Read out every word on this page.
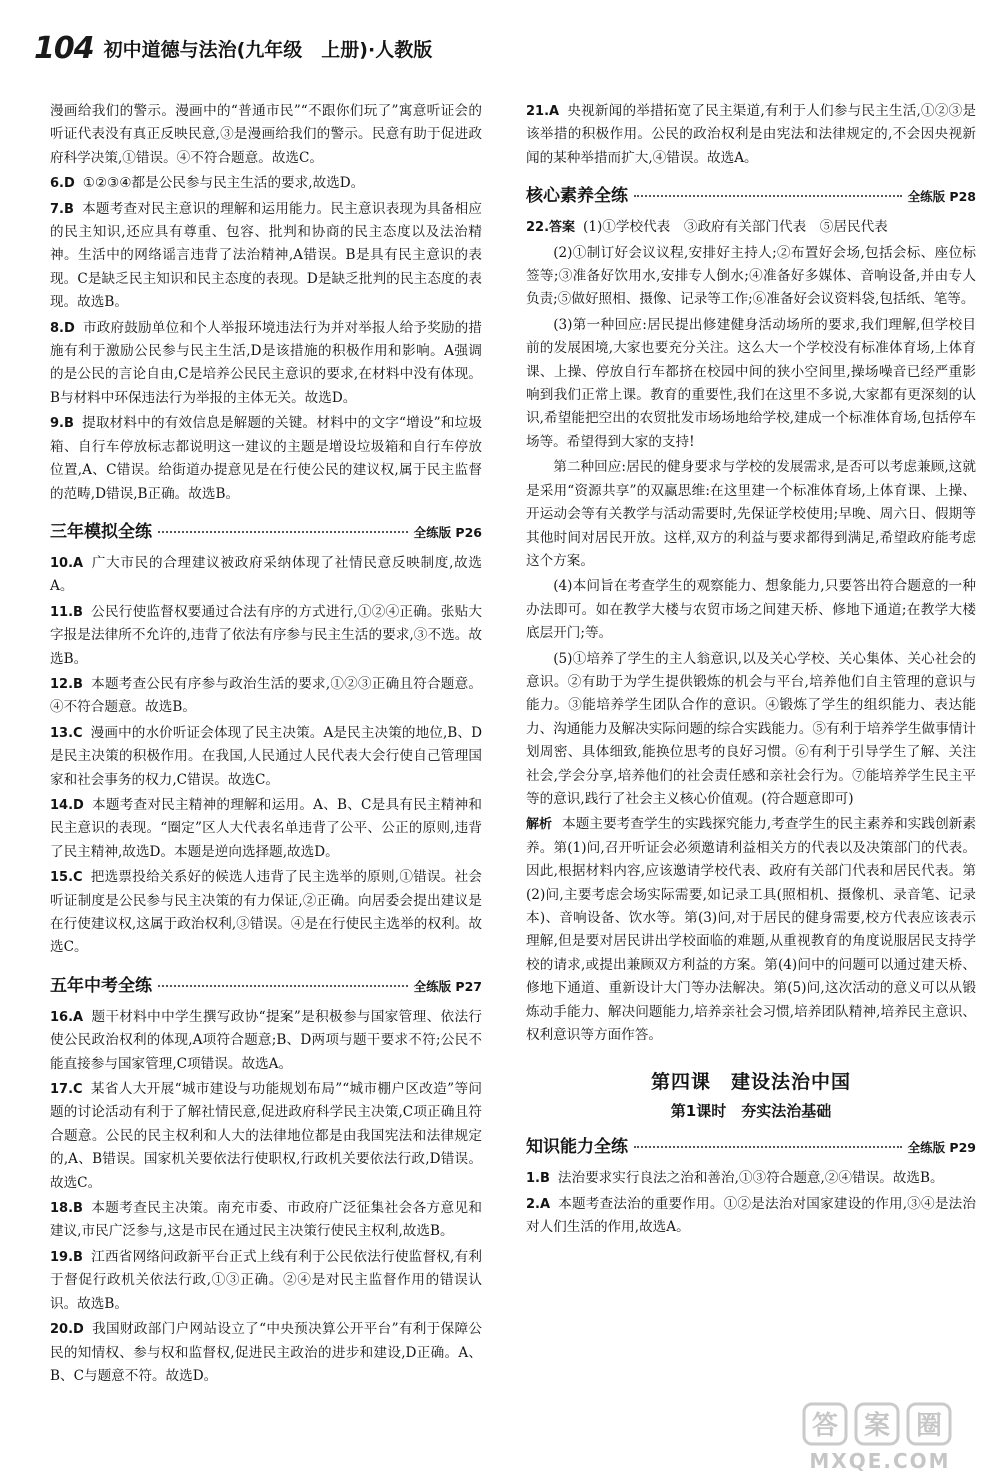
104 初中道德与法治(九年级　上册)·人教版

漫画给我们的警示。漫画中的“普通市民”“不跟你们玩了”寓意听证会的听证代表没有真正反映民意,③是漫画给我们的警示。民意有助于促进政府科学决策,①错误。④不符合题意。故选C。

6.D ①②③④都是公民参与民主生活的要求,故选D。

7.B 本题考查对民主意识的理解和运用能力。民主意识表现为具备相应的民主知识,还应具有尊重、包容、批判和协商的民主态度以及法治精神。生活中的网络谣言违背了法治精神,A错误。B是具有民主意识的表现。C是缺乏民主知识和民主态度的表现。D是缺乏批判的民主态度的表现。故选B。

8.D 市政府鼓励单位和个人举报环境违法行为并对举报人给予奖励的措施有利于激励公民参与民主生活,D是该措施的积极作用和影响。A强调的是公民的言论自由,C是培养公民民主意识的要求,在材料中没有体现。B与材料中环保违法行为举报的主体无关。故选D。

9.B 提取材料中的有效信息是解题的关键。材料中的文字“增设”和垃圾箱、自行车停放标志都说明这一建议的主题是增设垃圾箱和自行车停放位置,A、C错误。给街道办提意见是在行使公民的建议权,属于民主监督的范畴,D错误,B正确。故选B。

三年模拟全练	全练版 P26

10.A 广大市民的合理建议被政府采纳体现了社情民意反映制度,故选A。

11.B 公民行使监督权要通过合法有序的方式进行,①②④正确。张贴大字报是法律所不允许的,违背了依法有序参与民主生活的要求,③不选。故选B。

12.B 本题考查公民有序参与政治生活的要求,①②③正确且符合题意。④不符合题意。故选B。

13.C 漫画中的水价听证会体现了民主决策。A是民主决策的地位,B、D是民主决策的积极作用。在我国,人民通过人民代表大会行使自己管理国家和社会事务的权力,C错误。故选C。

14.D 本题考查对民主精神的理解和运用。A、B、C是具有民主精神和民主意识的表现。“圈定”区人大代表名单违背了公平、公正的原则,违背了民主精神,故选D。本题是逆向选择题,故选D。

15.C 把选票投给关系好的候选人违背了民主选举的原则,①错误。社会听证制度是公民参与民主决策的有力保证,②正确。向居委会提出建议是在行使建议权,这属于政治权利,③错误。④是在行使民主选举的权利。故选C。

五年中考全练	全练版 P27

16.A 题干材料中中学生撰写政协“提案”是积极参与国家管理、依法行使公民政治权利的体现,A项符合题意;B、D两项与题干要求不符;公民不能直接参与国家管理,C项错误。故选A。

17.C 某省人大开展“城市建设与功能规划布局”“城市棚户区改造”等问题的讨论活动有利于了解社情民意,促进政府科学民主决策,C项正确且符合题意。公民的民主权利和人大的法律地位都是由我国宪法和法律规定的,A、B错误。国家机关要依法行使职权,行政机关要依法行政,D错误。故选C。

18.B 本题考查民主决策。南充市委、市政府广泛征集社会各方意见和建议,市民广泛参与,这是市民在通过民主决策行使民主权利,故选B。

19.B 江西省网络问政新平台正式上线有利于公民依法行使监督权,有利于督促行政机关依法行政,①③正确。②④是对民主监督作用的错误认识。故选B。

20.D 我国财政部门户网站设立了“中央预决算公开平台”有利于保障公民的知情权、参与权和监督权,促进民主政治的进步和建设,D正确。A、B、C与题意不符。故选D。

21.A 央视新闻的举措拓宽了民主渠道,有利于人们参与民主生活,①②③是该举措的积极作用。公民的政治权利是由宪法和法律规定的,不会因央视新闻的某种举措而扩大,④错误。故选A。

核心素养全练	全练版 P28

22.答案 (1)①学校代表　③政府有关部门代表　⑤居民代表

(2)①制订好会议议程,安排好主持人;②布置好会场,包括会标、座位标签等;③准备好饮用水,安排专人倒水;④准备好多媒体、音响设备,并由专人负责;⑤做好照相、摄像、记录等工作;⑥准备好会议资料袋,包括纸、笔等。

(3)第一种回应:居民提出修建健身活动场所的要求,我们理解,但学校目前的发展困境,大家也要充分关注。这么大一个学校没有标准体育场,上体育课、上操、停放自行车都挤在校园中间的狭小空间里,操场噪音已经严重影响到我们正常上课。教育的重要性,我们在这里不多说,大家都有更深刻的认识,希望能把空出的农贸批发市场场地给学校,建成一个标准体育场,包括停车场等。希望得到大家的支持!

第二种回应:居民的健身要求与学校的发展需求,是否可以考虑兼顾,这就是采用“资源共享”的双赢思维:在这里建一个标准体育场,上体育课、上操、开运动会等有关教学与活动需要时,先保证学校使用;早晚、周六日、假期等其他时间对居民开放。这样,双方的利益与要求都得到满足,希望政府能考虑这个方案。

(4)本问旨在考查学生的观察能力、想象能力,只要答出符合题意的一种办法即可。如在教学大楼与农贸市场之间建天桥、修地下通道;在教学大楼底层开门;等。

(5)①培养了学生的主人翁意识,以及关心学校、关心集体、关心社会的意识。②有助于为学生提供锻炼的机会与平台,培养他们自主管理的意识与能力。③能培养学生团队合作的意识。④锻炼了学生的组织能力、表达能力、沟通能力及解决实际问题的综合实践能力。⑤有利于培养学生做事情计划周密、具体细致,能换位思考的良好习惯。⑥有利于引导学生了解、关注社会,学会分享,培养他们的社会责任感和亲社会行为。⑦能培养学生民主平等的意识,践行了社会主义核心价值观。(符合题意即可)

解析 本题主要考查学生的实践探究能力,考查学生的民主素养和实践创新素养。第(1)问,召开听证会必须邀请利益相关方的代表以及决策部门的代表。因此,根据材料内容,应该邀请学校代表、政府有关部门代表和居民代表。第(2)问,主要考虑会场实际需要,如记录工具(照相机、摄像机、录音笔、记录本)、音响设备、饮水等。第(3)问,对于居民的健身需要,校方代表应该表示理解,但是要对居民讲出学校面临的难题,从重视教育的角度说服居民支持学校的请求,或提出兼顾双方利益的方案。第(4)问中的问题可以通过建天桥、修地下通道、重新设计大门等办法解决。第(5)问,这次活动的意义可以从锻炼动手能力、解决问题能力,培养亲社会习惯,培养团队精神,培养民主意识、权利意识等方面作答。

第四课　建设法治中国
第1课时　夯实法治基础
知识能力全练	全练版 P29

1.B 法治要求实行良法之治和善治,①③符合题意,②④错误。故选B。

2.A 本题考查法治的重要作用。①②是法治对国家建设的作用,③④是法治对人们生活的作用,故选A。

答 案 圈
MXQE.COM
